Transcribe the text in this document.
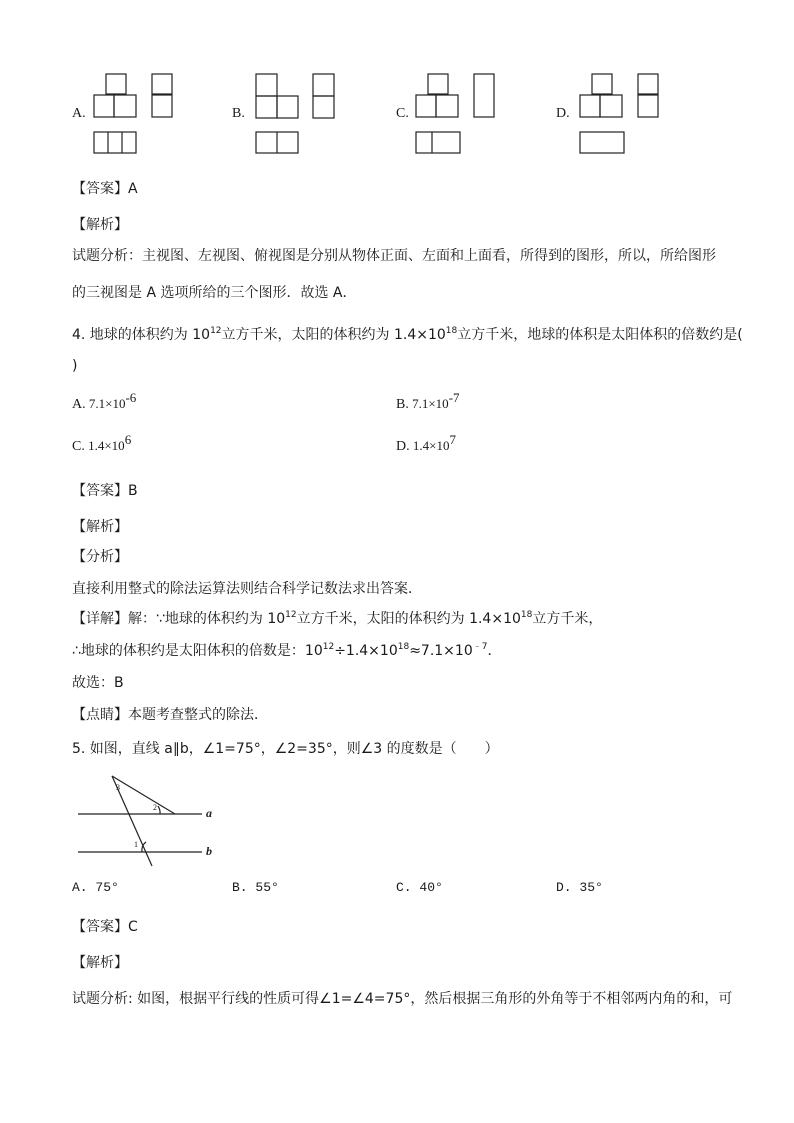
A.	B.	C.	D.
【答案】A
【解析】
试题分析：主视图、左视图、俯视图是分别从物体正面、左面和上面看，所得到的图形，所以，所给图形
的三视图是 A 选项所给的三个图形．故选 A．
4. 地球的体积约为 $10^{12}$立方千米，太阳的体积约为 $1.4\times 10^{18}$立方千米，地球的体积是太阳体积的倍数约是(
)
A. $7.1\times 10^{-6}$	B. $7.1\times 10^{-7}$
C. $1.4\times 10^6$	D. $1.4\times 10^7$
【答案】B
【解析】
【分析】
直接利用整式的除法运算法则结合科学记数法求出答案．
【详解】解：∵地球的体积约为 $10^{12}$立方千米，太阳的体积约为 $1.4\times 10^{18}$立方千米，
∴地球的体积约是太阳体积的倍数是：$10^{12}\div 1.4\times 10^{18}\approx 7.1\times 10^{﹣7}$．
故选：B
【点睛】本题考查整式的除法．
5. 如图，直线 a∥b，∠1=75°，∠2=35°，则∠3 的度数是（　　）
3
2
1
a
b
A. 75°	B. 55°	C. 40°	D. 35°
【答案】C
【解析】
试题分析: 如图，根据平行线的性质可得∠1=∠4=75°，然后根据三角形的外角等于不相邻两内角的和，可
